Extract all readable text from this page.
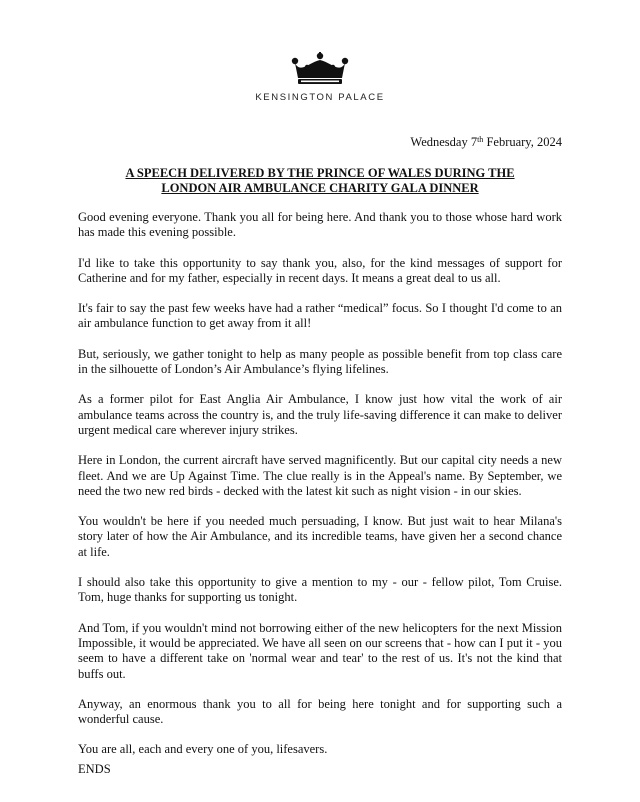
KENSINGTON PALACE
Wednesday 7th February, 2024
A SPEECH DELIVERED BY THE PRINCE OF WALES DURING THE
LONDON AIR AMBULANCE CHARITY GALA DINNER

Good evening everyone. Thank you all for being here. And thank you to those whose hard work has made this evening possible.

I'd like to take this opportunity to say thank you, also, for the kind messages of support for Catherine and for my father, especially in recent days. It means a great deal to us all.

It's fair to say the past few weeks have had a rather “medical” focus. So I thought I'd come to an air ambulance function to get away from it all!

But, seriously, we gather tonight to help as many people as possible benefit from top class care in the silhouette of London’s Air Ambulance’s flying lifelines.

As a former pilot for East Anglia Air Ambulance, I know just how vital the work of air ambulance teams across the country is, and the truly life-saving difference it can make to deliver urgent medical care wherever injury strikes.

Here in London, the current aircraft have served magnificently. But our capital city needs a new fleet. And we are Up Against Time. The clue really is in the Appeal's name. By September, we need the two new red birds - decked with the latest kit such as night vision - in our skies.

You wouldn't be here if you needed much persuading, I know. But just wait to hear Milana's story later of how the Air Ambulance, and its incredible teams, have given her a second chance at life.

I should also take this opportunity to give a mention to my - our - fellow pilot, Tom Cruise. Tom, huge thanks for supporting us tonight.

And Tom, if you wouldn't mind not borrowing either of the new helicopters for the next Mission Impossible, it would be appreciated. We have all seen on our screens that - how can I put it - you seem to have a different take on 'normal wear and tear' to the rest of us. It's not the kind that buffs out.

Anyway, an enormous thank you to all for being here tonight and for supporting such a wonderful cause.

You are all, each and every one of you, lifesavers.

ENDS
